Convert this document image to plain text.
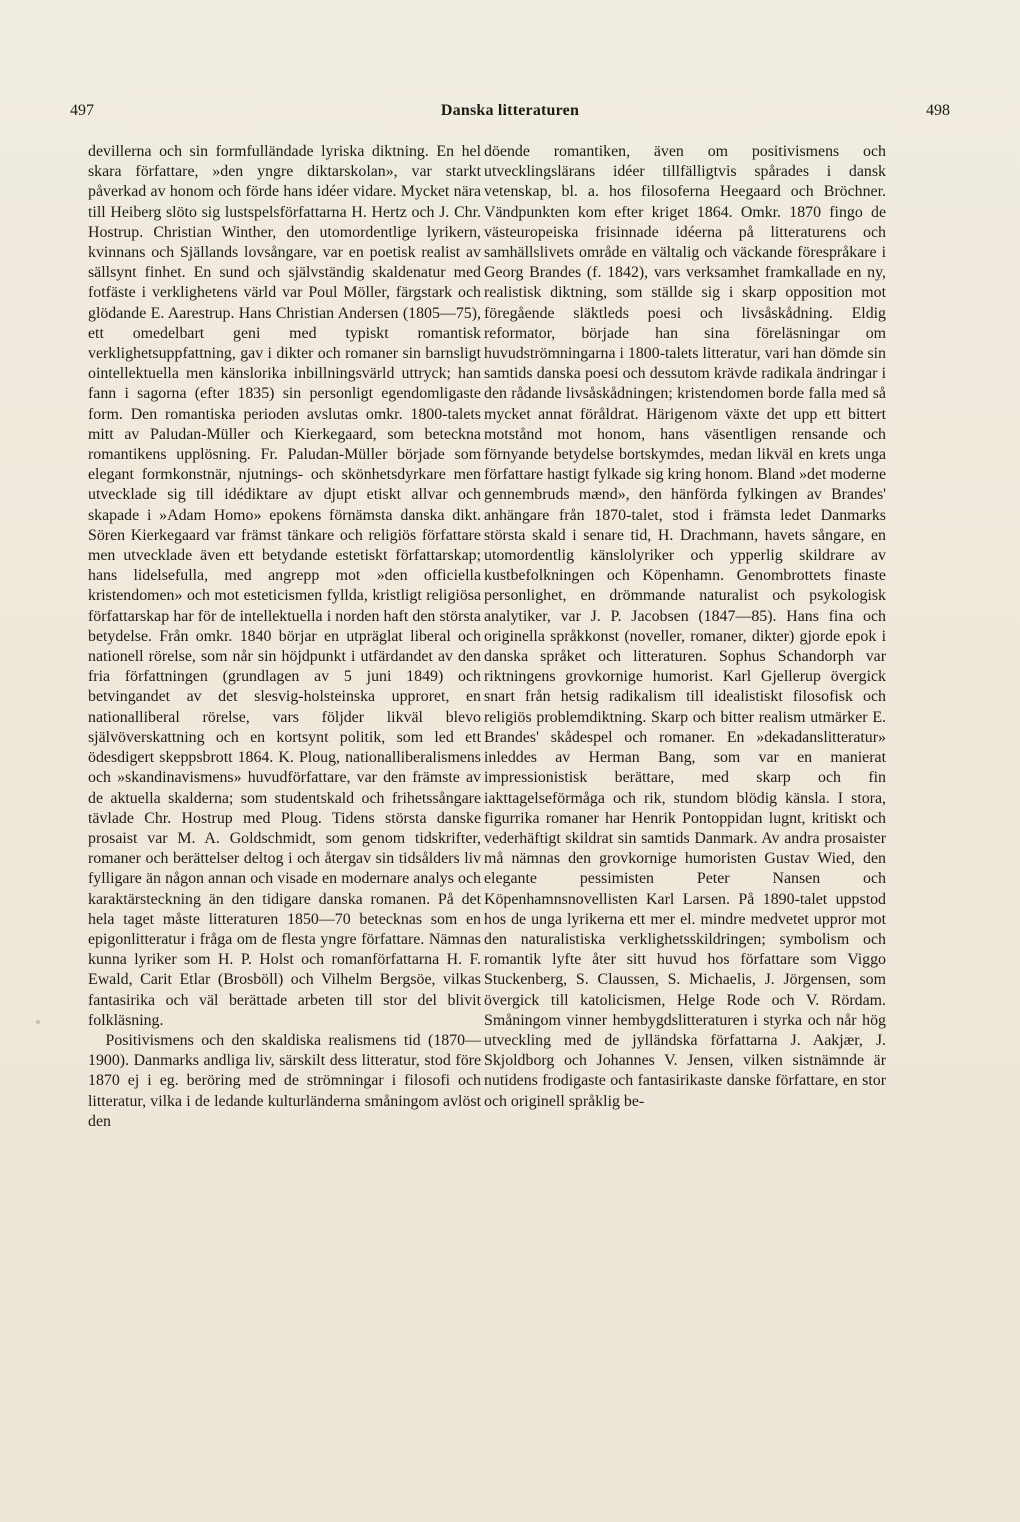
497	Danska litteraturen	498

devillerna och sin formfulländade lyriska diktning. En hel skara författare, »den yngre diktarskolan», var starkt påverkad av honom och förde hans idéer vidare. Mycket nära till Heiberg slöto sig lustspelsförfattarna H. Hertz och J. Chr. Hostrup. Christian Winther, den utomordentlige lyrikern, kvinnans och Själlands lovsångare, var en poetisk realist av sällsynt finhet. En sund och självständig skaldenatur med fotfäste i verklighetens värld var Poul Möller, färgstark och glödande E. Aarestrup. Hans Christian Andersen (1805—75), ett omedelbart geni med typiskt romantisk verklighetsuppfattning, gav i dikter och romaner sin barnsligt ointellektuella men känslorika inbillningsvärld uttryck; han fann i sagorna (efter 1835) sin personligt egendomligaste form. Den romantiska perioden avslutas omkr. 1800-talets mitt av Paludan-Müller och Kierkegaard, som betecknа romantikens upplösning. Fr. Paludan-Müller började som elegant formkonstnär, njutnings- och skönhetsdyrkare men utvecklade sig till idédiktare av djupt etiskt allvar och skapade i »Adam Homo» epokens förnämsta danska dikt. Sören Kierkegaard var främst tänkare och religiös författare men utvecklade även ett betydande estetiskt författarskap; hans lidelsefulla, med angrepp mot »den officiella kristendomen» och mot esteticismen fyllda, kristligt religiösa författarskap har för de intellektuella i norden haft den största betydelse. Från omkr. 1840 börjar en utpräglat liberal och nationell rörelse, som når sin höjdpunkt i utfärdandet av den fria författningen (grundlagen av 5 juni 1849) och betvingandet av det slesvig-holsteinska upproret, en nationalliberal rörelse, vars följder likväl blevo självöverskattning och en kortsynt politik, som led ett ödesdigert skeppsbrott 1864. K. Ploug, nationalliberalismens och »skandinavismens» huvudförfattare, var den främste av de aktuella skalderna; som studentskald och frihetssångare tävlade Chr. Hostrup med Ploug. Tidens största danske prosaist var M. A. Goldschmidt, som genom tidskrifter, romaner och berättelser deltog i och återgav sin tidsålders liv fylligare än någon annan och visade en modernare analys och karaktärsteckning än den tidigare danska romanen. På det hela taget måste litteraturen 1850—70 betecknas som en epigonlitteratur i fråga om de flesta yngre författare. Nämnas kunna lyriker som H. P. Holst och romanförfattarna H. F. Ewald, Carit Etlar (Brosböll) och Vilhelm Bergsöe, vilkas fantasirika och väl berättade arbeten till stor del blivit folkläsning.

Positivismens och den skaldiska realismens tid (1870—1900). Danmarks andliga liv, särskilt dess litteratur, stod före 1870 ej i eg. beröring med de strömningar i filosofi och litteratur, vilka i de ledande kulturländerna småningom avlöst den

döende romantiken, även om positivismens och utvecklingslärans idéer tillfälligtvis spårades i dansk vetenskap, bl. a. hos filosoferna Heegaard och Bröchner. Vändpunkten kom efter kriget 1864. Omkr. 1870 fingo de västeuropeiska frisinnade idéerna på litteraturens och samhällslivets område en vältalig och väckande förespråkare i Georg Brandes (f. 1842), vars verksamhet framkallade en ny, realistisk diktning, som ställde sig i skarp opposition mot föregående släktleds poesi och livsåskådning. Eldig reformator, började han sina föreläsningar om huvudströmningarna i 1800-talets litteratur, vari han dömde sin samtids danska poesi och dessutom krävde radikala ändringar i den rådande livsåskådningen; kristendomen borde falla med så mycket annat föråldrat. Härigenom växte det upp ett bittert motstånd mot honom, hans väsentligen rensande och förnyande betydelse bortskymdes, medan likväl en krets unga författare hastigt fylkade sig kring honom. Bland »det moderne gennembruds mænd», den hänförda fylkingen av Brandes' anhängare från 1870-talet, stod i främsta ledet Danmarks största skald i senare tid, H. Drachmann, havets sångare, en utomordentlig känslolyriker och ypperlig skildrare av kustbefolkningen och Köpenhamn. Genombrottets finaste personlighet, en drömmande naturalist och psykologisk analytiker, var J. P. Jacobsen (1847—85). Hans fina och originella språkkonst (noveller, romaner, dikter) gjorde epok i danska språket och litteraturen. Sophus Schandorph var riktningens grovkornige humorist. Karl Gjellerup övergick snart från hetsig radikalism till idealistiskt filosofisk och religiös problemdiktning. Skarp och bitter realism utmärker E. Brandes' skådespel och romaner. En »dekadanslitteratur» inleddes av Herman Bang, som var en manierat impressionistisk berättare, med skarp och fin iakttagelseförmåga och rik, stundom blödig känsla. I stora, figurrika romaner har Henrik Pontoppidan lugnt, kritiskt och vederhäftigt skildrat sin samtids Danmark. Av andra prosaister må nämnas den grovkornige humoristen Gustav Wied, den elegante pessimisten Peter Nansen och Köpenhamnsnovellisten Karl Larsen. På 1890-talet uppstod hos de unga lyrikerna ett mer el. mindre medvetet uppror mot den naturalistiska verklighetsskildringen; symbolism och romantik lyfte åter sitt huvud hos författare som Viggo Stuckenberg, S. Claussen, S. Michaelis, J. Jörgensen, som övergick till katolicismen, Helge Rode och V. Rördam. Småningom vinner hembygdslitteraturen i styrka och når hög utveckling med de jylländska författarna J. Aakjær, J. Skjoldborg och Johannes V. Jensen, vilken sistnämnde är nutidens frodigaste och fantasirikaste danske författare, en stor och originell språklig be-
